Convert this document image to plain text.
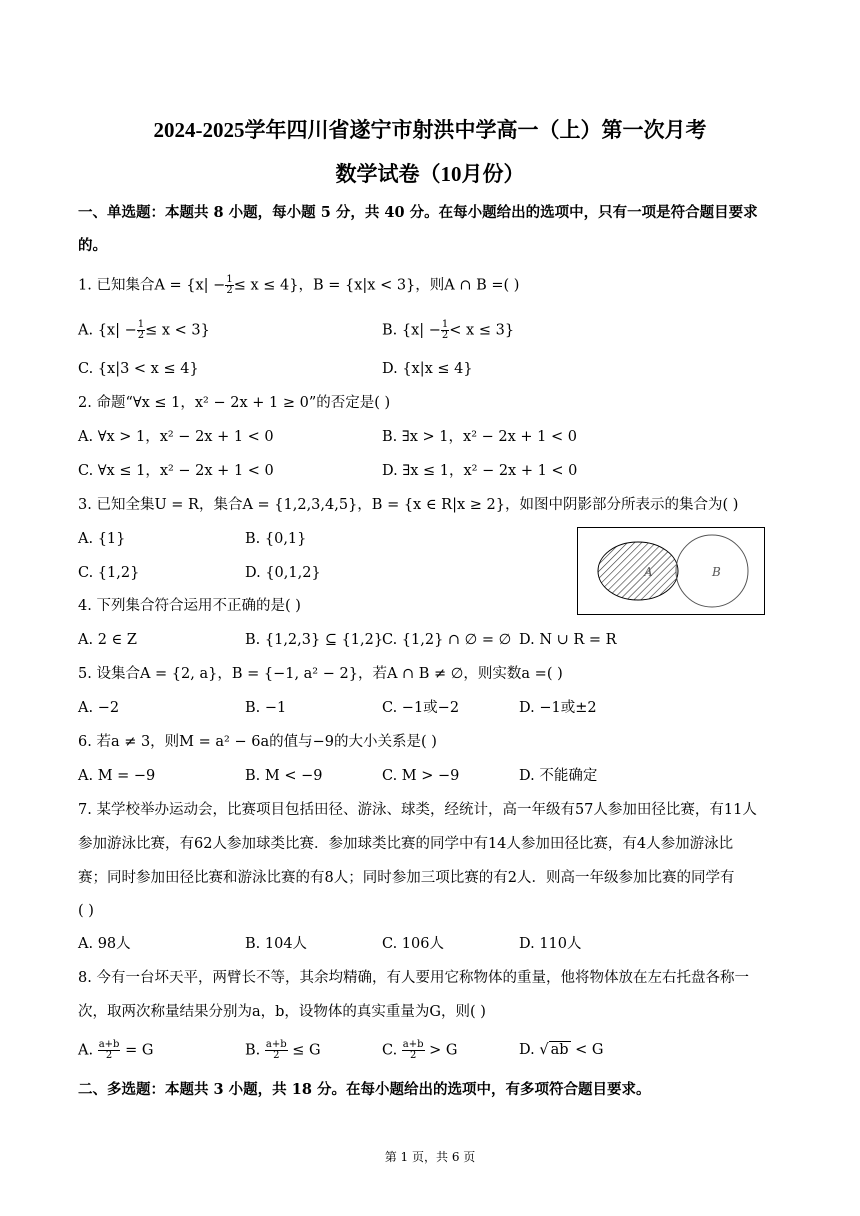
2024-2025学年四川省遂宁市射洪中学高一（上）第一次月考
数学试卷（10月份）
一、单选题：本题共 8 小题，每小题 5 分，共 40 分。在每小题给出的选项中，只有一项是符合题目要求
的。
1. 已知集合$A = \{x| - \frac{1}{2} \le x \le 4\}$，B = {x|x < 3}，则A ∩ B =( )
A. $\{x| - \frac{1}{2} \le x < 3\}$	B. $\{x| - \frac{1}{2} < x \le 3\}$
C. {x|3 < x ≤ 4}	D. {x|x ≤ 4}
2. 命题“∀x ≤ 1，x² − 2x + 1 ≥ 0”的否定是( )
A. ∀x > 1，x² − 2x + 1 < 0	B. ∃x > 1，x² − 2x + 1 < 0
C. ∀x ≤ 1，x² − 2x + 1 < 0	D. ∃x ≤ 1，x² − 2x + 1 < 0
3. 已知全集U = R，集合A = {1,2,3,4,5}，B = {x ∈ R|x ≥ 2}，如图中阴影部分所表示的集合为( )
A. {1}	B. {0,1}
C. {1,2}	D. {0,1,2}	A	B
4. 下列集合符合运用不正确的是( )
A. 2 ∈ Z	B. {1,2,3} ⊆ {1,2}
C. {1,2} ∩ ∅ = ∅ D. N ∪ R = R
5. 设集合A = {2, a}，B = {−1, a² − 2}，若A ∩ B ≠ ∅，则实数a =( )
A. −2	B. −1	C. −1或−2	D. −1或±2
6. 若a ≠ 3，则M = a² − 6a的值与−9的大小关系是( )
A. M = −9	B. M < −9	C. M > −9	D. 不能确定
7. 某学校举办运动会，比赛项目包括田径、游泳、球类，经统计，高一年级有57人参加田径比赛，有11人
参加游泳比赛，有62人参加球类比赛．参加球类比赛的同学中有14人参加田径比赛，有4人参加游泳比
赛；同时参加田径比赛和游泳比赛的有8人；同时参加三项比赛的有2人．则高一年级参加比赛的同学有
( )
A. 98人	B. 104人	C. 106人	D. 110人
8. 今有一台坏天平，两臂长不等，其余均精确，有人要用它称物体的重量，他将物体放在左右托盘各称一
次，取两次称量结果分别为a，b，设物体的真实重量为G，则( )
A. $\frac{a+b}{2} = G$	B. $\frac{a+b}{2} \le G$	C. $\frac{a+b}{2} > G$	D. √ ab < G
二、多选题：本题共 3 小题，共 18 分。在每小题给出的选项中，有多项符合题目要求。
第 1 页，共 6 页
